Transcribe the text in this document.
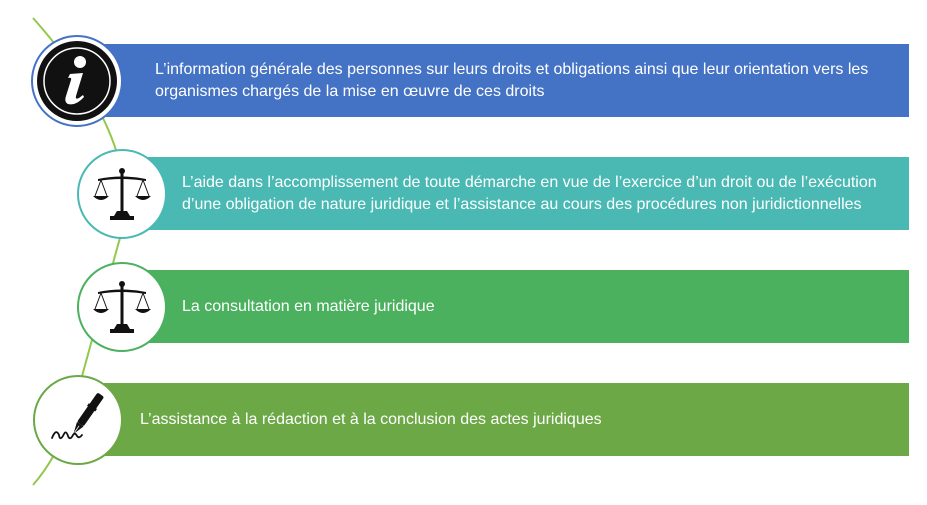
L’information générale des personnes sur leurs droits et obligations ainsi que leur orientation vers les organismes chargés de la mise en œuvre de ces droits
L’aide dans l’accomplissement de toute démarche en vue de l’exercice d’un droit ou de l’exécution d’une obligation de nature juridique et l’assistance au cours des procédures non juridictionnelles
La consultation en matière juridique
L’assistance à la rédaction et à la conclusion des actes juridiques
